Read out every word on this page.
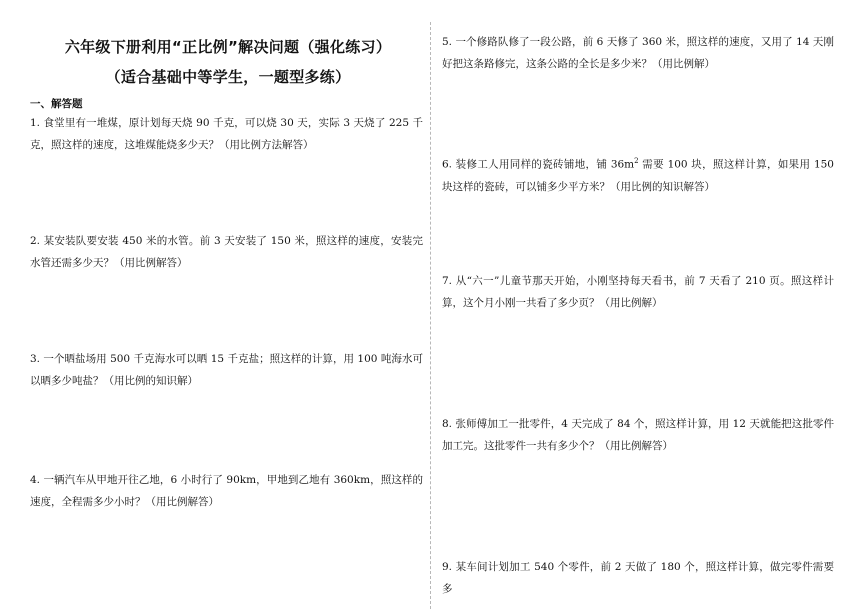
六年级下册利用“正比例”解决问题（强化练习）
（适合基础中等学生，一题型多练）
一、解答题
1. 食堂里有一堆煤，原计划每天烧 90 千克，可以烧 30 天，实际 3 天烧了 225 千克，照这样的速度，这堆煤能烧多少天？（用比例方法解答）
2. 某安装队要安装 450 米的水管。前 3 天安装了 150 米，照这样的速度，安装完水管还需多少天？（用比例解答）
3. 一个晒盐场用 500 千克海水可以晒 15 千克盐；照这样的计算，用 100 吨海水可以晒多少吨盐？（用比例的知识解）
4. 一辆汽车从甲地开往乙地，6 小时行了 90km，甲地到乙地有 360km，照这样的速度，全程需多少小时？（用比例解答）
5. 一个修路队修了一段公路，前 6 天修了 360 米，照这样的速度，又用了 14 天刚好把这条路修完，这条公路的全长是多少米？（用比例解）
6. 装修工人用同样的瓷砖铺地，铺 $36m^2$ 需要 100 块，照这样计算，如果用 150 块这样的瓷砖，可以铺多少平方米？（用比例的知识解答）
7. 从“六一”儿童节那天开始，小刚坚持每天看书，前 7 天看了 210 页。照这样计算，这个月小刚一共看了多少页？（用比例解）
8. 张师傅加工一批零件，4 天完成了 84 个，照这样计算，用 12 天就能把这批零件加工完。这批零件一共有多少个？（用比例解答）
9. 某车间计划加工 540 个零件，前 2 天做了 180 个，照这样计算，做完零件需要多
